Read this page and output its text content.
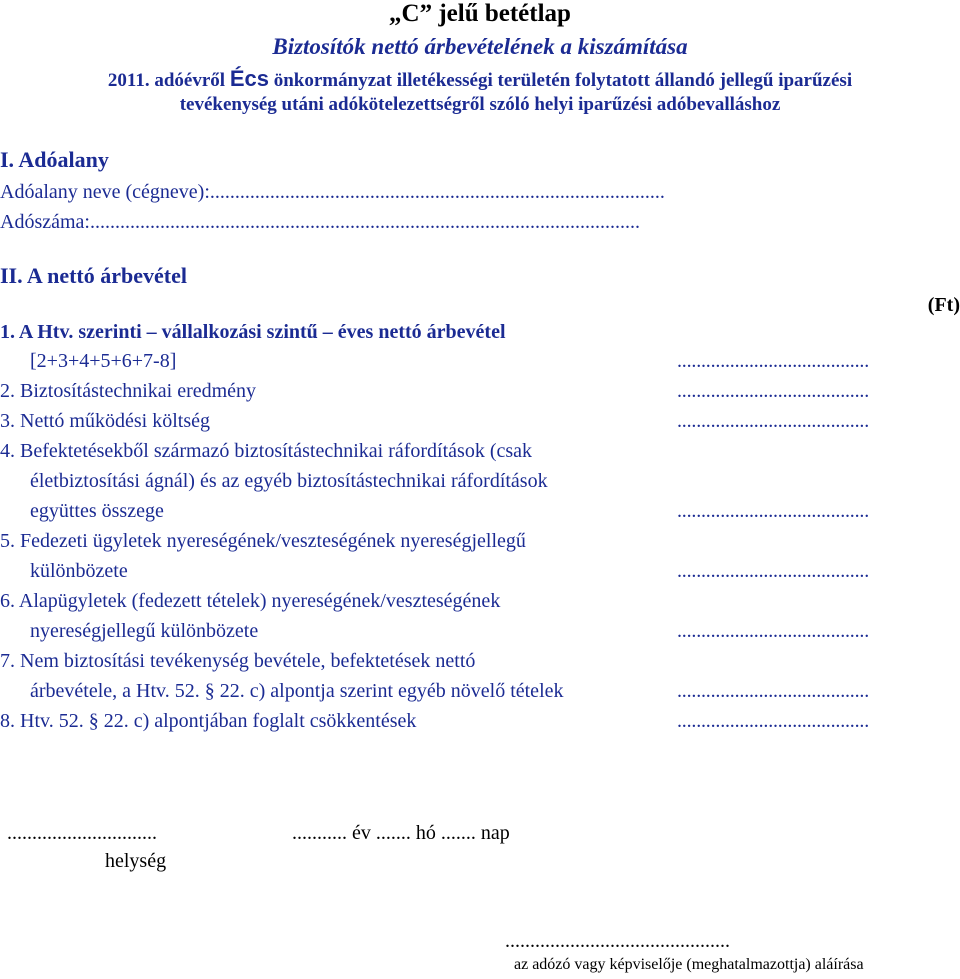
„C” jelű betétlap
Biztosítók nettó árbevételének a kiszámítása
2011. adóévről Écs önkormányzat illetékességi területén folytatott állandó jellegű iparűzési
tevékenység utáni adókötelezettségről szóló helyi iparűzési adóbevalláshoz
I. Adóalany
Adóalany neve (cégneve):...........................................................................................
Adószáma:..............................................................................................................
II. A nettó árbevétel
(Ft)
1. A Htv. szerinti – vállalkozási szintű – éves nettó árbevétel
[2+3+4+5+6+7-8]	........................................
2. Biztosítástechnikai eredmény	........................................
3. Nettó működési költség	........................................
4. Befektetésekből származó biztosítástechnikai ráfordítások (csak
életbiztosítási ágnál) és az egyéb biztosítástechnikai ráfordítások
együttes összege	........................................
5. Fedezeti ügyletek nyereségének/veszteségének nyereségjellegű
különbözete	........................................
6. Alapügyletek (fedezett tételek) nyereségének/veszteségének
nyereségjellegű különbözete	........................................
7. Nem biztosítási tevékenység bevétele, befektetések nettó
árbevétele, a Htv. 52. § 22. c) alpontja szerint egyéb növelő tételek	........................................
8. Htv. 52. § 22. c) alpontjában foglalt csökkentések	........................................
..............................
helység
........... év ....... hó ....... nap
.............................................
az adózó vagy képviselője (meghatalmazottja) aláírása
